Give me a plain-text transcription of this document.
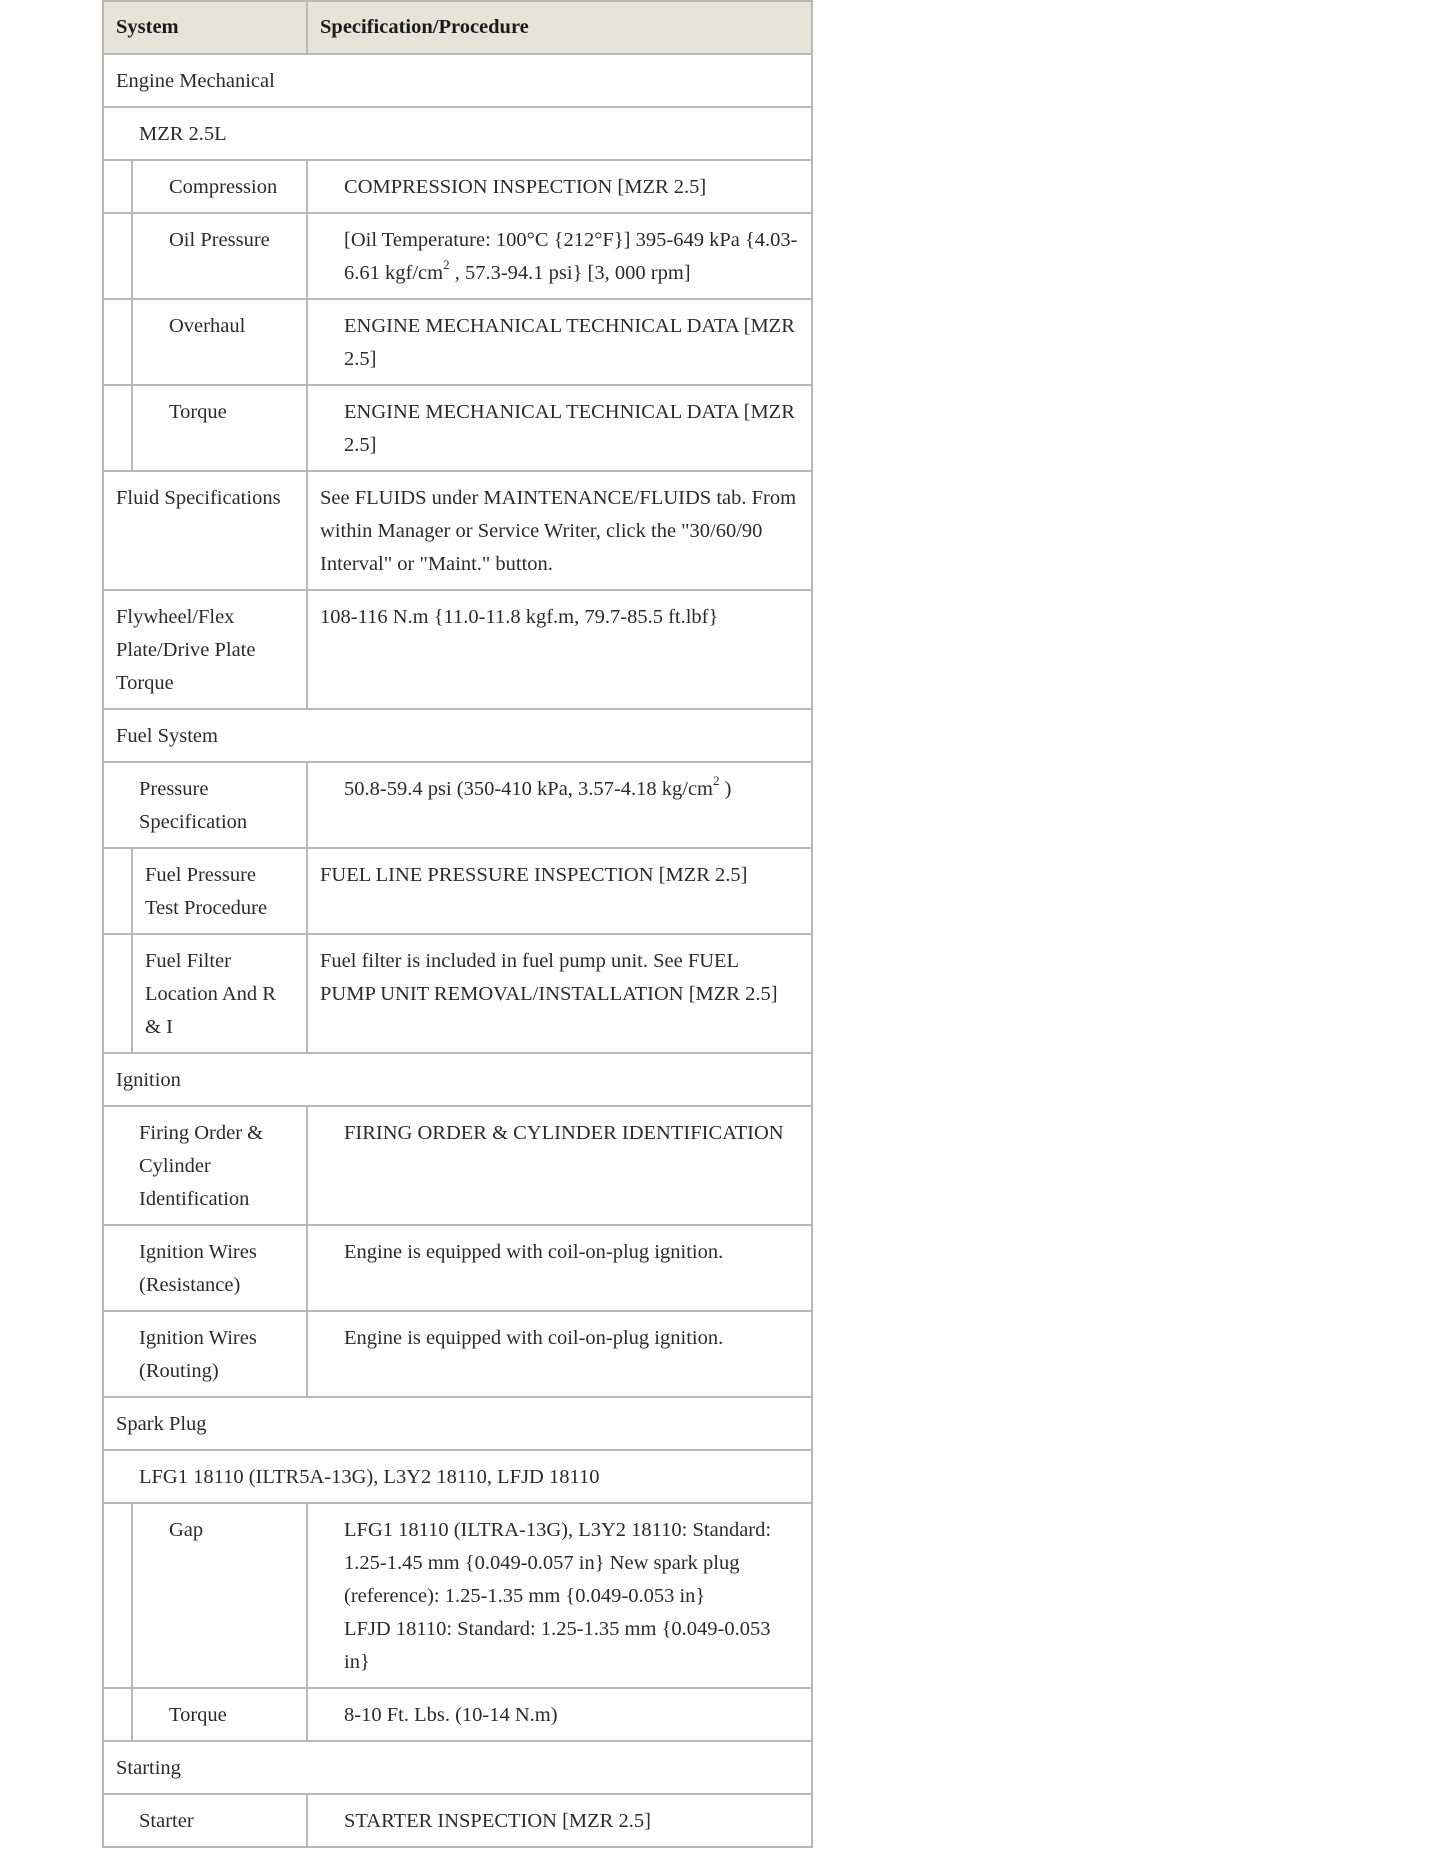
System		Specification/Procedure
Engine Mechanical		
MZR 2.5L		
	Compression	COMPRESSION INSPECTION [MZR 2.5]
	Oil Pressure	[Oil Temperature: 100°C {212°F}] 395-649 kPa {4.03-6.61 kgf/$cm^2$ , 57.3-94.1 psi} [3, 000 rpm]
	Overhaul	ENGINE MECHANICAL TECHNICAL DATA [MZR 2.5]
	Torque	ENGINE MECHANICAL TECHNICAL DATA [MZR 2.5]
Fluid Specifications		See FLUIDS under MAINTENANCE/FLUIDS tab. From within Manager or Service Writer, click the "30/60/90 Interval" or "Maint." button.
Flywheel/Flex Plate/Drive Plate Torque		108-116 N.m {11.0-11.8 kgf.m, 79.7-85.5 ft.lbf}
Fuel System		
Pressure Specification		50.8-59.4 psi (350-410 kPa, 3.57-4.18 $kg/cm^2$ )
	Fuel Pressure Test Procedure	FUEL LINE PRESSURE INSPECTION [MZR 2.5]
	Fuel Filter Location And R & I	Fuel filter is included in fuel pump unit. See FUEL PUMP UNIT REMOVAL/INSTALLATION [MZR 2.5]
Ignition		
Firing Order & Cylinder Identification		FIRING ORDER & CYLINDER IDENTIFICATION
Ignition Wires (Resistance)		Engine is equipped with coil-on-plug ignition.
Ignition Wires (Routing)		Engine is equipped with coil-on-plug ignition.
Spark Plug		
LFG1 18110 (ILTR5A-13G), L3Y2 18110, LFJD 18110		
	Gap	LFG1 18110 (ILTRA-13G), L3Y2 18110: Standard: 1.25-1.45 mm {0.049-0.057 in} New spark plug (reference): 1.25-1.35 mm {0.049-0.053 in}
LFJD 18110: Standard: 1.25-1.35 mm {0.049-0.053 in}
	Torque	8-10 Ft. Lbs. (10-14 N.m)
Starting		
Starter		STARTER INSPECTION [MZR 2.5]
